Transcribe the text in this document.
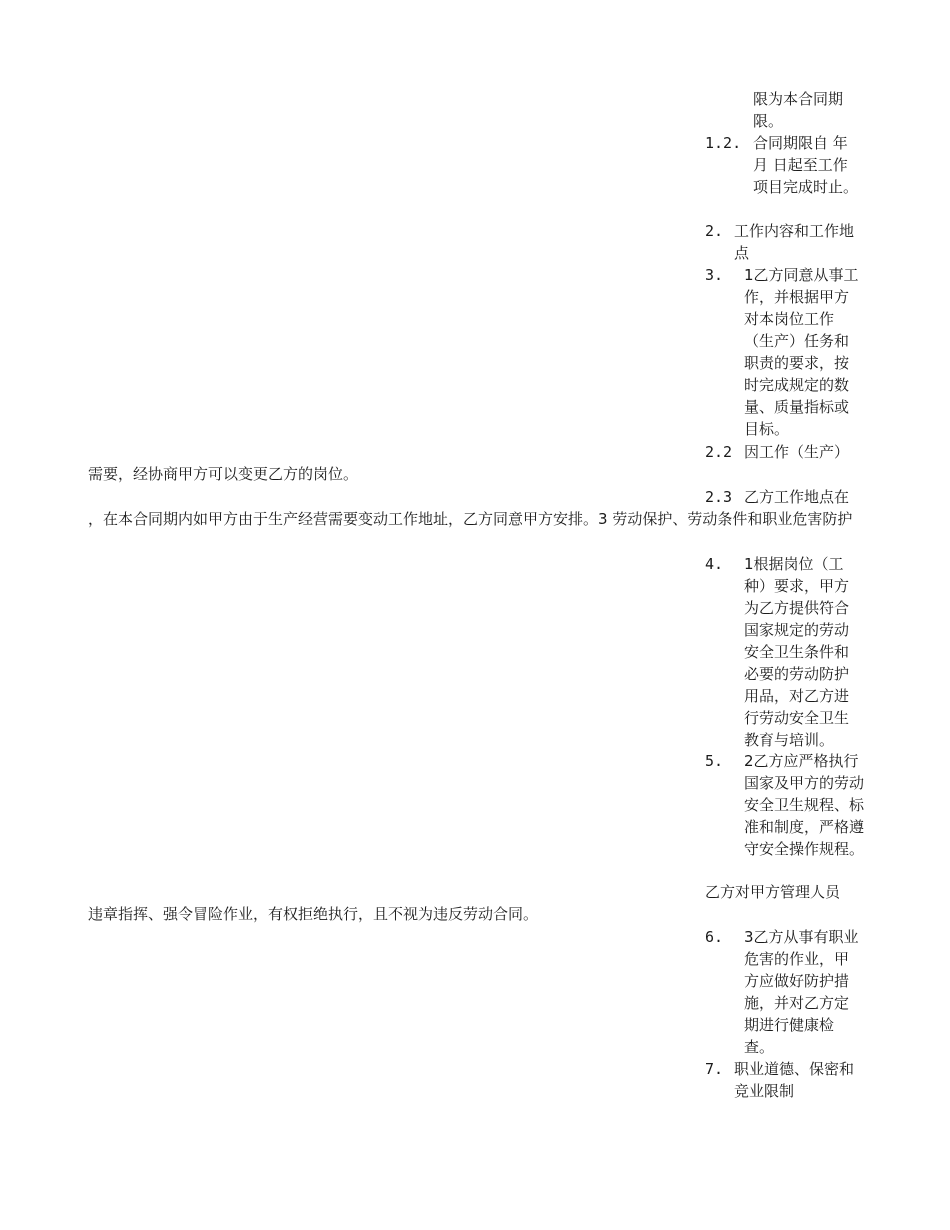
限为本合同期限。

1.2. 合同期限自 年 月 日起至工作项目完成时止。
2. 工作内容和工作地点
3.	1乙方同意从事工作，并根据甲方对本岗位工作（生产）任务和职责的要求，按时完成规定的数量、质量指标或目标。
2.2 因工作（生产）

需要，经协商甲方可以变更乙方的岗位。

2.3 乙方工作地点在

，在本合同期内如甲方由于生产经营需要变动工作地址，乙方同意甲方安排。3 劳动保护、劳动条件和职业危害防护

4.	1根据岗位（工种）要求，甲方为乙方提供符合国家规定的劳动安全卫生条件和必要的劳动防护用品，对乙方进行劳动安全卫生教育与培训。
5.	2乙方应严格执行国家及甲方的劳动安全卫生规程、标准和制度，严格遵守安全操作规程。

乙方对甲方管理人员

违章指挥、强令冒险作业，有权拒绝执行，且不视为违反劳动合同。

6.	3乙方从事有职业危害的作业，甲方应做好防护措施，并对乙方定期进行健康检查。
7. 职业道德、保密和竞业限制
